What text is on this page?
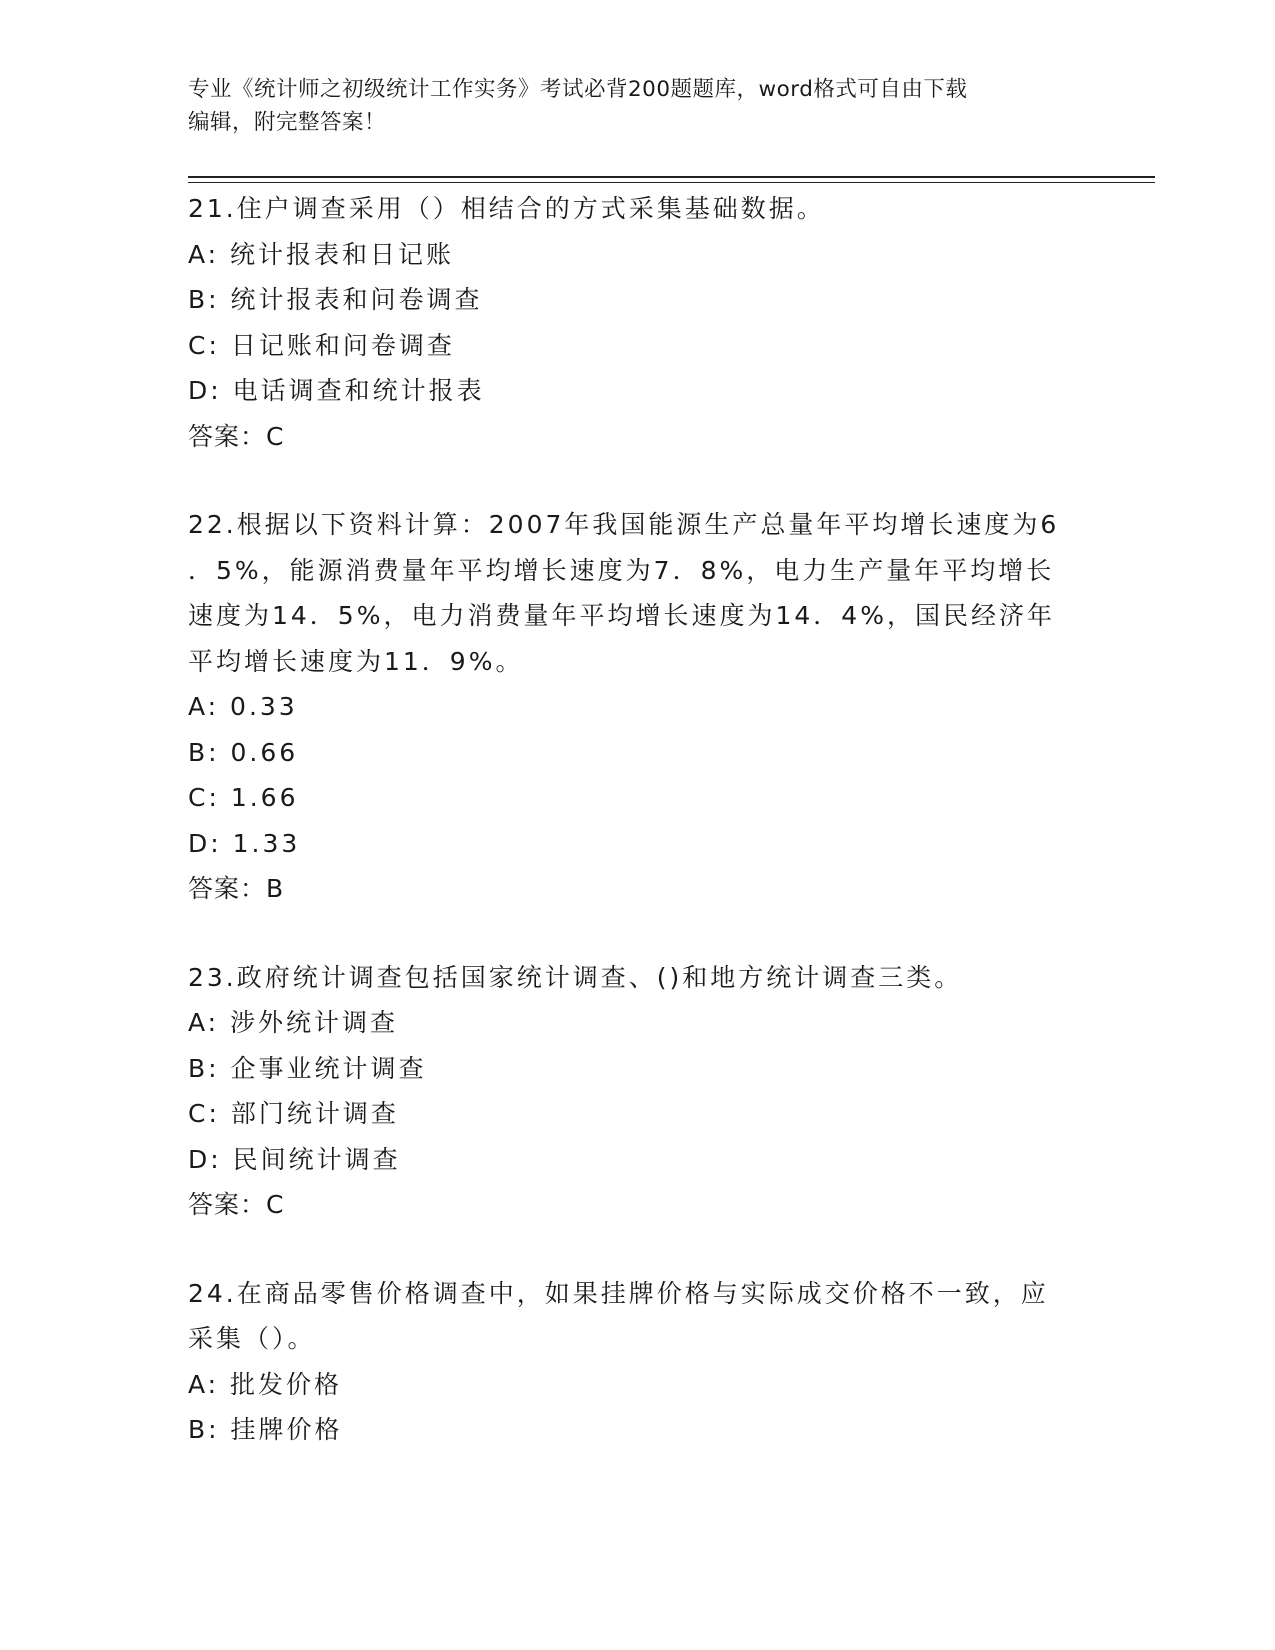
专业《统计师之初级统计工作实务》考试必背200题题库，word格式可自由下载
编辑，附完整答案！
21.住户调查采用（）相结合的方式采集基础数据。
A: 统计报表和日记账
B: 统计报表和问卷调查
C: 日记账和问卷调查
D: 电话调查和统计报表
答案：C
22.根据以下资料计算：2007年我国能源生产总量年平均增长速度为6
．5%，能源消费量年平均增长速度为7．8%，电力生产量年平均增长
速度为14．5%，电力消费量年平均增长速度为14．4%，国民经济年
平均增长速度为11．9%。
A: 0.33
B: 0.66
C: 1.66
D: 1.33
答案：B
23.政府统计调查包括国家统计调查、()和地方统计调查三类。
A: 涉外统计调查
B: 企事业统计调查
C: 部门统计调查
D: 民间统计调查
答案：C
24.在商品零售价格调查中，如果挂牌价格与实际成交价格不一致，应
采集（）。
A: 批发价格
B: 挂牌价格
